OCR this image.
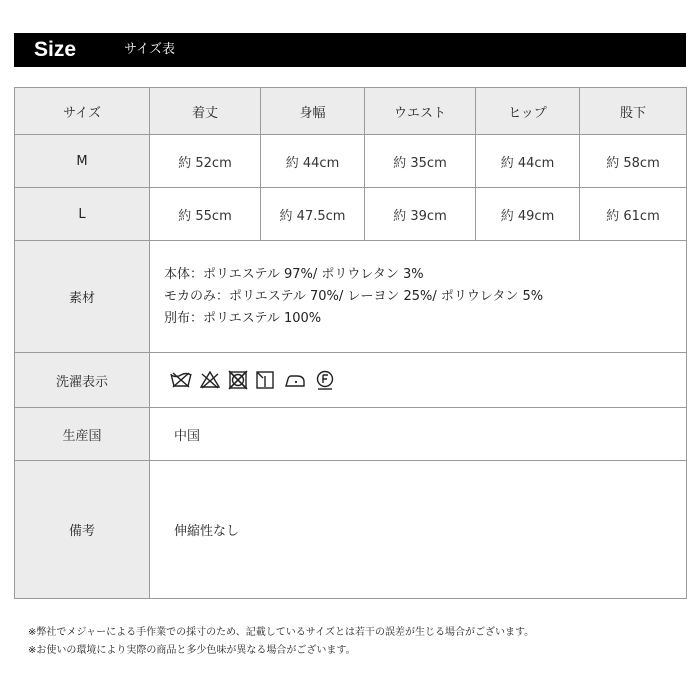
Size	サイズ表
サイズ	着丈	身幅	ウエスト	ヒップ	股下
M	約 52cm	約 44cm	約 35cm	約 44cm	約 58cm
L	約 55cm	約 47.5cm	約 39cm	約 49cm	約 61cm
素材	本体：ポリエステル 97%/ ポリウレタン 3%
モカのみ：ポリエステル 70%/ レーヨン 25%/ ポリウレタン 5%
別布：ポリエステル 100%				

洗濯表示	

生産国	中国				
備考	伸縮性なし				
※弊社でメジャーによる手作業での採寸のため、記載しているサイズとは若干の誤差が生じる場合がございます。
※お使いの環境により実際の商品と多少色味が異なる場合がございます。
